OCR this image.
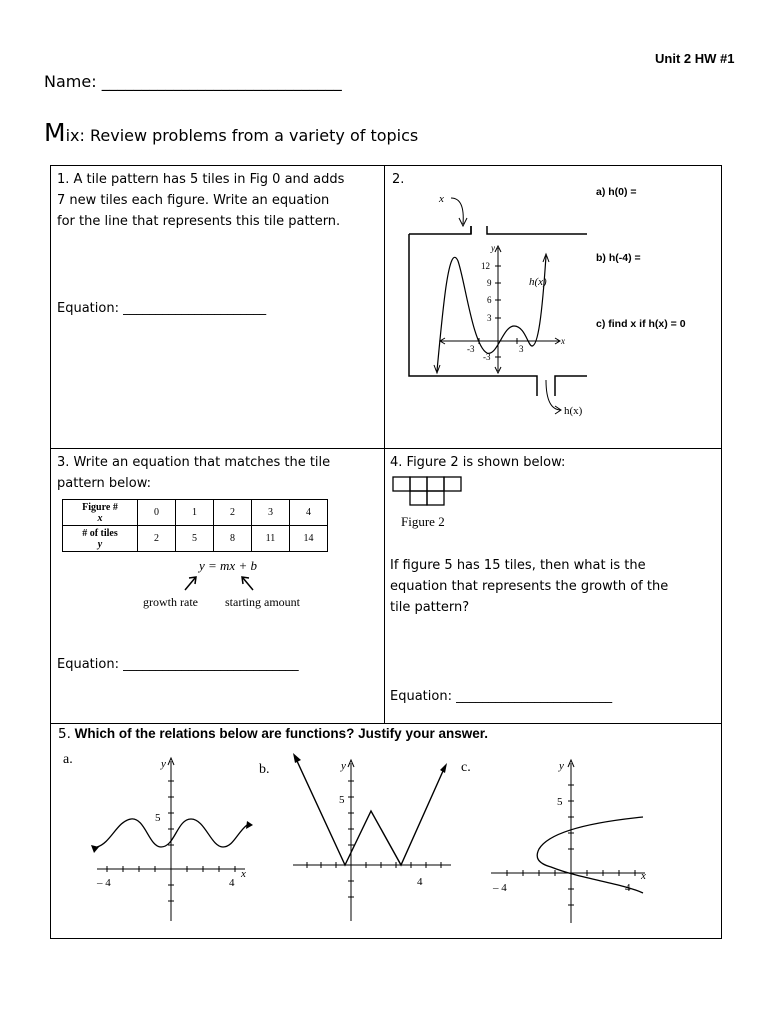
Unit 2 HW #1
Name: ______________________________
Mix: Review problems from a variety of topics
1. A tile pattern has 5 tiles in Fig 0 and adds
7 new tiles each figure. Write an equation
for the line that represents this tile pattern.
Equation: ______________________
2.
a) h(0) =
b) h(-4) =
c) find x if h(x) = 0
x
h(x)
y
x
12
9
6
3
-3
-3	3
h(x)
3. Write an equation that matches the tile
pattern below:
Figure #
x	0	1	2	3	4
# of tiles
y	2	5	8	11	14
y = mx + b
growth rate starting amount
Equation: ___________________________
4. Figure 2 is shown below:
Figure 2
If figure 5 has 15 tiles, then what is the
equation that represents the growth of the
tile pattern?
Equation: ________________________
5. Which of the relations below are functions? Justify your answer.
a.
b.	c.
y
5
x
– 4	4
y
5
4
y
5
x
– 4	4
